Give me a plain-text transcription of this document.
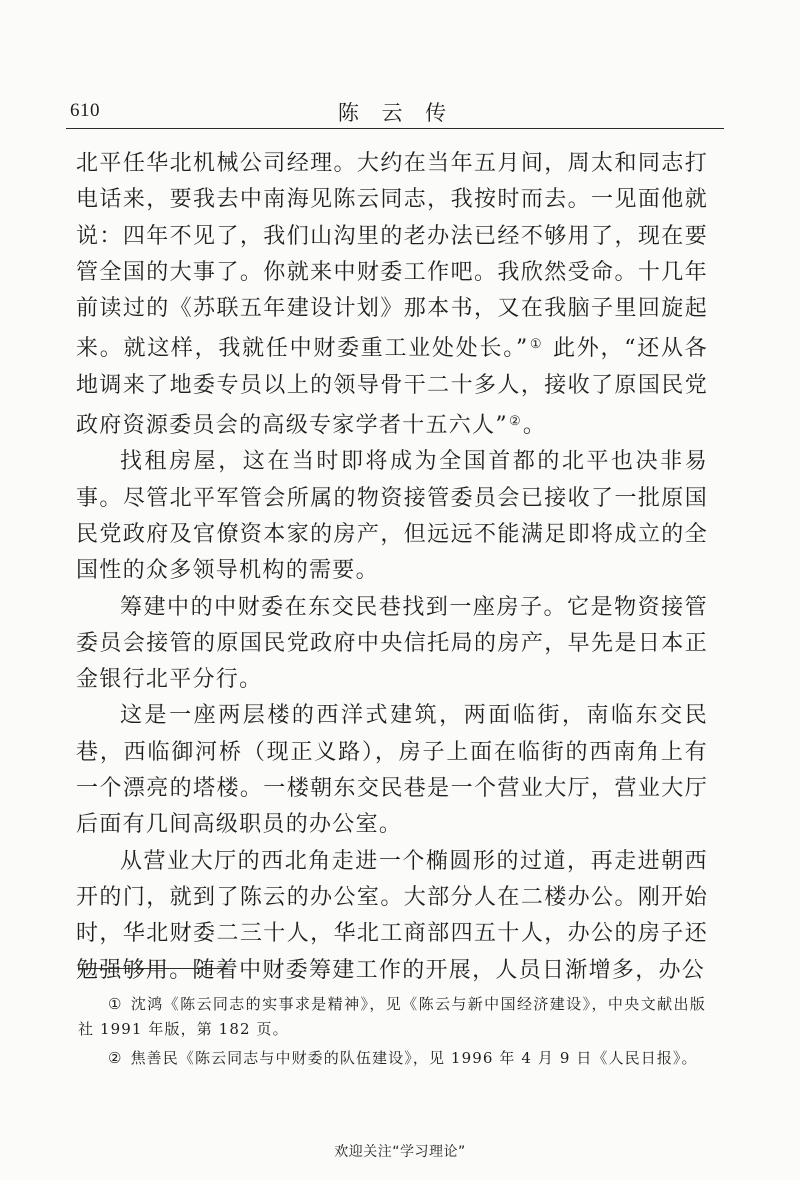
610	陈 云 传

北平任华北机械公司经理。大约在当年五月间，周太和同志打电话来，要我去中南海见陈云同志，我按时而去。一见面他就说：四年不见了，我们山沟里的老办法已经不够用了，现在要管全国的大事了。你就来中财委工作吧。我欣然受命。十几年前读过的《苏联五年建设计划》那本书，又在我脑子里回旋起来。就这样，我就任中财委重工业处处长。”① 此外，“还从各地调来了地委专员以上的领导骨干二十多人，接收了原国民党政府资源委员会的高级专家学者十五六人”②。

找租房屋，这在当时即将成为全国首都的北平也决非易事。尽管北平军管会所属的物资接管委员会已接收了一批原国民党政府及官僚资本家的房产，但远远不能满足即将成立的全国性的众多领导机构的需要。

筹建中的中财委在东交民巷找到一座房子。它是物资接管委员会接管的原国民党政府中央信托局的房产，早先是日本正金银行北平分行。

这是一座两层楼的西洋式建筑，两面临街，南临东交民巷，西临御河桥（现正义路），房子上面在临街的西南角上有一个漂亮的塔楼。一楼朝东交民巷是一个营业大厅，营业大厅后面有几间高级职员的办公室。

从营业大厅的西北角走进一个椭圆形的过道，再走进朝西开的门，就到了陈云的办公室。大部分人在二楼办公。刚开始时，华北财委二三十人，华北工商部四五十人，办公的房子还勉强够用。随着中财委筹建工作的开展，人员日渐增多，办公

① 沈鸿《陈云同志的实事求是精神》，见《陈云与新中国经济建设》，中央文献出版社 1991 年版，第 182 页。

② 焦善民《陈云同志与中财委的队伍建设》，见 1996 年 4 月 9 日《人民日报》。

欢迎关注“学习理论”
